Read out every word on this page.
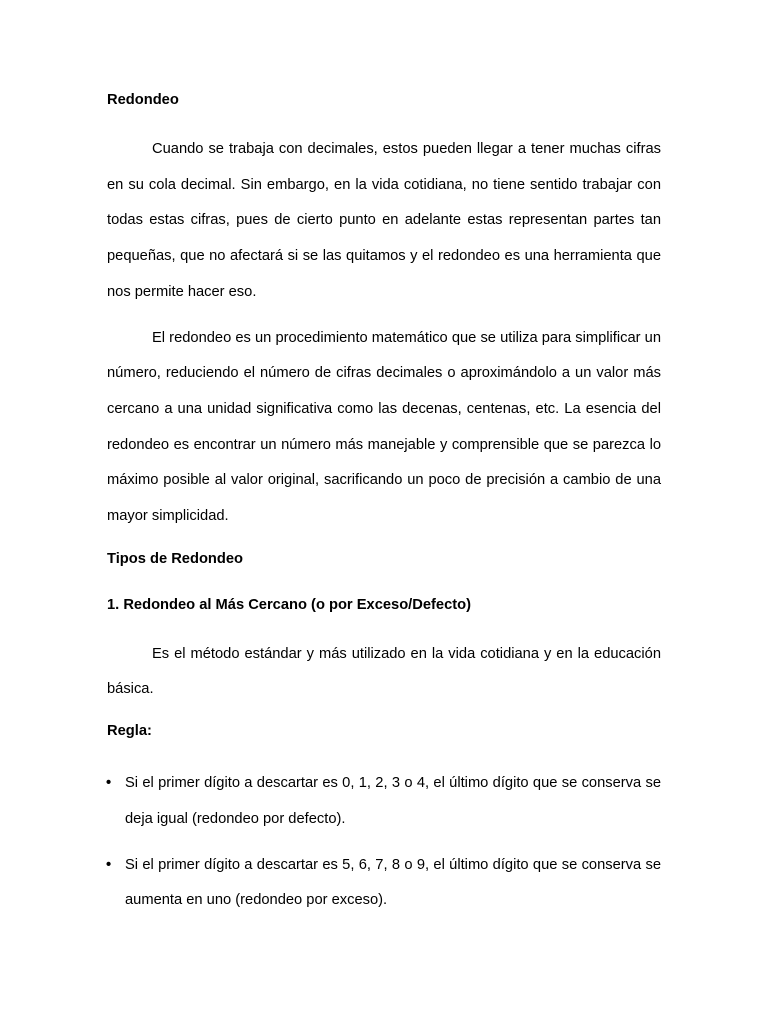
Redondeo

Cuando se trabaja con decimales, estos pueden llegar a tener muchas cifras en su cola decimal. Sin embargo, en la vida cotidiana, no tiene sentido trabajar con todas estas cifras, pues de cierto punto en adelante estas representan partes tan pequeñas, que no afectará si se las quitamos y el redondeo es una herramienta que nos permite hacer eso.

El redondeo es un procedimiento matemático que se utiliza para simplificar un número, reduciendo el número de cifras decimales o aproximándolo a un valor más cercano a una unidad significativa como las decenas, centenas, etc. La esencia del redondeo es encontrar un número más manejable y comprensible que se parezca lo máximo posible al valor original, sacrificando un poco de precisión a cambio de una mayor simplicidad.

Tipos de Redondeo
1. Redondeo al Más Cercano (o por Exceso/Defecto)

Es el método estándar y más utilizado en la vida cotidiana y en la educación básica.

Regla:
• Si el primer dígito a descartar es 0, 1, 2, 3 o 4, el último dígito que se conserva se deja igual (redondeo por defecto).
• Si el primer dígito a descartar es 5, 6, 7, 8 o 9, el último dígito que se conserva se aumenta en uno (redondeo por exceso).
